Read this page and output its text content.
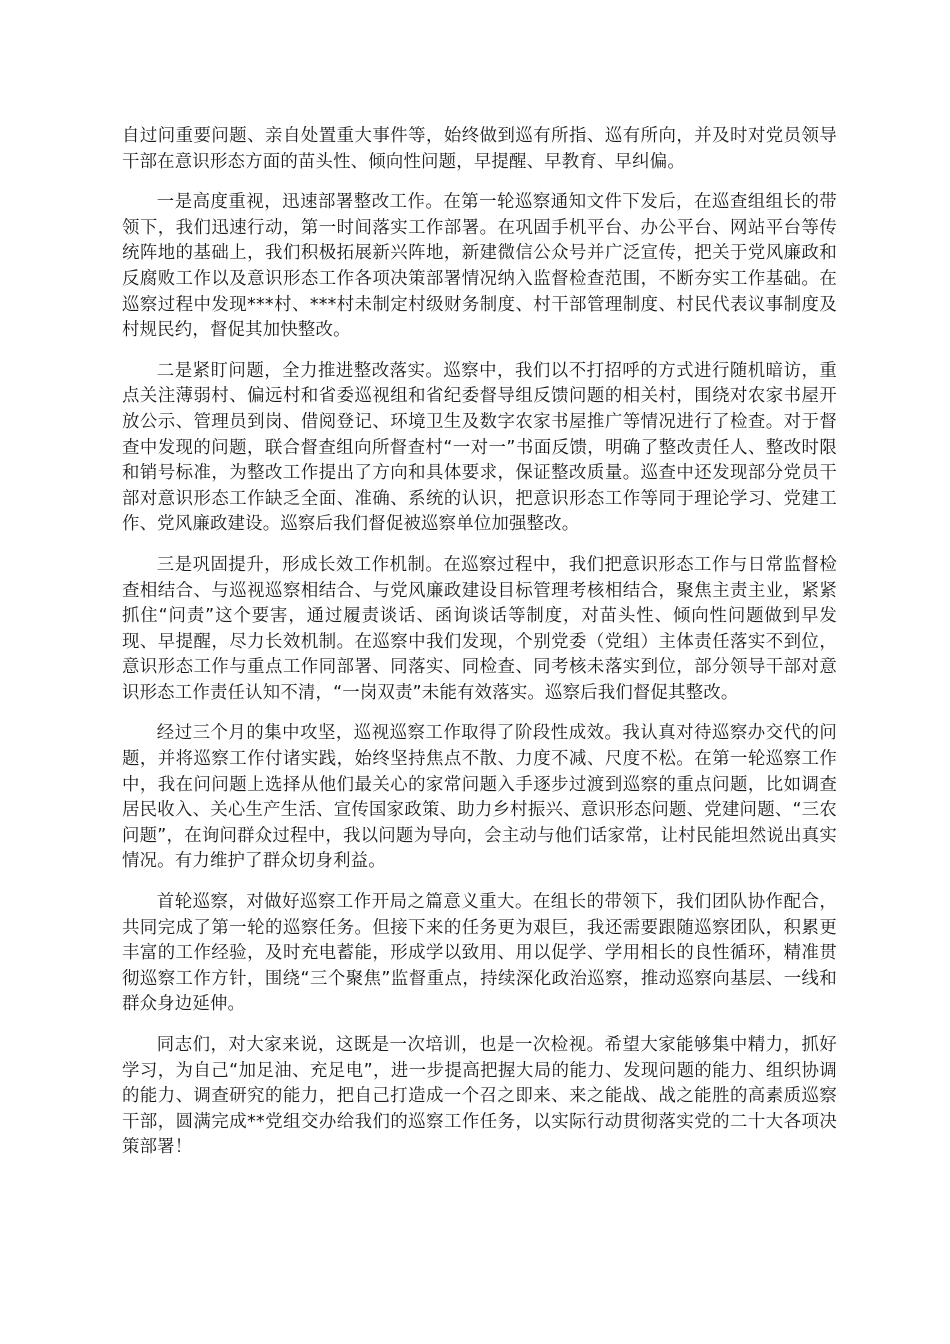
自过问重要问题、亲自处置重大事件等，始终做到巡有所指、巡有所向，并及时对党员领导干部在意识形态方面的苗头性、倾向性问题，早提醒、早教育、早纠偏。

一是高度重视，迅速部署整改工作。在第一轮巡察通知文件下发后，在巡查组组长的带领下，我们迅速行动，第一时间落实工作部署。在巩固手机平台、办公平台、网站平台等传统阵地的基础上，我们积极拓展新兴阵地，新建微信公众号并广泛宣传，把关于党风廉政和反腐败工作以及意识形态工作各项决策部署情况纳入监督检查范围，不断夯实工作基础。在巡察过程中发现***村、***村未制定村级财务制度、村干部管理制度、村民代表议事制度及村规民约，督促其加快整改。

二是紧盯问题，全力推进整改落实。巡察中，我们以不打招呼的方式进行随机暗访，重点关注薄弱村、偏远村和省委巡视组和省纪委督导组反馈问题的相关村，围绕对农家书屋开放公示、管理员到岗、借阅登记、环境卫生及数字农家书屋推广等情况进行了检查。对于督查中发现的问题，联合督查组向所督查村“一对一”书面反馈，明确了整改责任人、整改时限和销号标准，为整改工作提出了方向和具体要求，保证整改质量。巡查中还发现部分党员干部对意识形态工作缺乏全面、准确、系统的认识，把意识形态工作等同于理论学习、党建工作、党风廉政建设。巡察后我们督促被巡察单位加强整改。

三是巩固提升，形成长效工作机制。在巡察过程中，我们把意识形态工作与日常监督检查相结合、与巡视巡察相结合、与党风廉政建设目标管理考核相结合，聚焦主责主业，紧紧抓住“问责”这个要害，通过履责谈话、函询谈话等制度，对苗头性、倾向性问题做到早发现、早提醒，尽力长效机制。在巡察中我们发现，个别党委（党组）主体责任落实不到位，意识形态工作与重点工作同部署、同落实、同检查、同考核未落实到位，部分领导干部对意识形态工作责任认知不清，“一岗双责”未能有效落实。巡察后我们督促其整改。

经过三个月的集中攻坚，巡视巡察工作取得了阶段性成效。我认真对待巡察办交代的问题，并将巡察工作付诸实践，始终坚持焦点不散、力度不减、尺度不松。在第一轮巡察工作中，我在问问题上选择从他们最关心的家常问题入手逐步过渡到巡察的重点问题，比如调查居民收入、关心生产生活、宣传国家政策、助力乡村振兴、意识形态问题、党建问题、“三农问题”，在询问群众过程中，我以问题为导向，会主动与他们话家常，让村民能坦然说出真实情况。有力维护了群众切身利益。

首轮巡察，对做好巡察工作开局之篇意义重大。在组长的带领下，我们团队协作配合，共同完成了第一轮的巡察任务。但接下来的任务更为艰巨，我还需要跟随巡察团队，积累更丰富的工作经验，及时充电蓄能，形成学以致用、用以促学、学用相长的良性循环，精准贯彻巡察工作方针，围绕“三个聚焦”监督重点，持续深化政治巡察，推动巡察向基层、一线和群众身边延伸。

同志们，对大家来说，这既是一次培训，也是一次检视。希望大家能够集中精力，抓好学习，为自己“加足油、充足电”，进一步提高把握大局的能力、发现问题的能力、组织协调的能力、调查研究的能力，把自己打造成一个召之即来、来之能战、战之能胜的高素质巡察干部，圆满完成**党组交办给我们的巡察工作任务，以实际行动贯彻落实党的二十大各项决策部署！
